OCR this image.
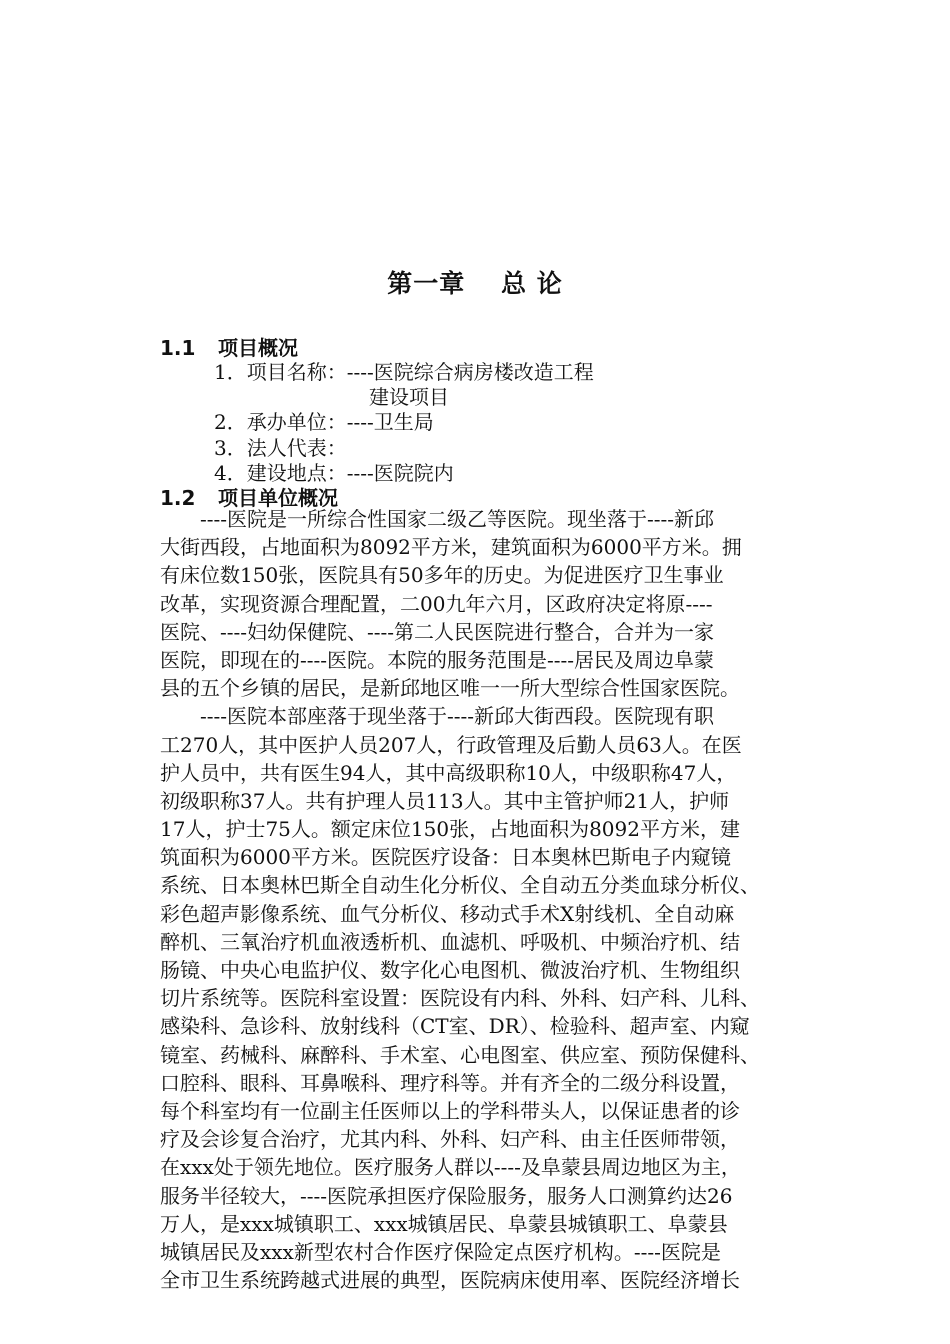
第一章　 总 论
1.1 项目概况
1．项目名称：----医院综合病房楼改造工程
建设项目
2．承办单位：----卫生局
3．法人代表：
4．建设地点：----医院院内
1.2 项目单位概况
　　----医院是一所综合性国家二级乙等医院。现坐落于----新邱
大街西段，占地面积为8092平方米，建筑面积为6000平方米。拥
有床位数150张，医院具有50多年的历史。为促进医疗卫生事业
改革，实现资源合理配置，二00九年六月，区政府决定将原----
医院、----妇幼保健院、----第二人民医院进行整合，合并为一家
医院，即现在的----医院。本院的服务范围是----居民及周边阜蒙
县的五个乡镇的居民，是新邱地区唯一一所大型综合性国家医院。
　　----医院本部座落于现坐落于----新邱大街西段。医院现有职
工270人，其中医护人员207人，行政管理及后勤人员63人。在医
护人员中，共有医生94人，其中高级职称10人，中级职称47人，
初级职称37人。共有护理人员113人。其中主管护师21人，护师
17人，护士75人。额定床位150张，占地面积为8092平方米，建
筑面积为6000平方米。医院医疗设备：日本奥林巴斯电子内窥镜
系统、日本奥林巴斯全自动生化分析仪、全自动五分类血球分析仪、
彩色超声影像系统、血气分析仪、移动式手术X射线机、全自动麻
醉机、三氧治疗机血液透析机、血滤机、呼吸机、中频治疗机、结
肠镜、中央心电监护仪、数字化心电图机、微波治疗机、生物组织
切片系统等。医院科室设置：医院设有内科、外科、妇产科、儿科、
感染科、急诊科、放射线科（CT室、DR）、检验科、超声室、内窥
镜室、药械科、麻醉科、手术室、心电图室、供应室、预防保健科、
口腔科、眼科、耳鼻喉科、理疗科等。并有齐全的二级分科设置，
每个科室均有一位副主任医师以上的学科带头人，以保证患者的诊
疗及会诊复合治疗，尤其内科、外科、妇产科、由主任医师带领，
在xxx处于领先地位。医疗服务人群以----及阜蒙县周边地区为主，
服务半径较大，----医院承担医疗保险服务，服务人口测算约达26
万人，是xxx城镇职工、xxx城镇居民、阜蒙县城镇职工、阜蒙县
城镇居民及xxx新型农村合作医疗保险定点医疗机构。----医院是
全市卫生系统跨越式进展的典型，医院病床使用率、医院经济增长
